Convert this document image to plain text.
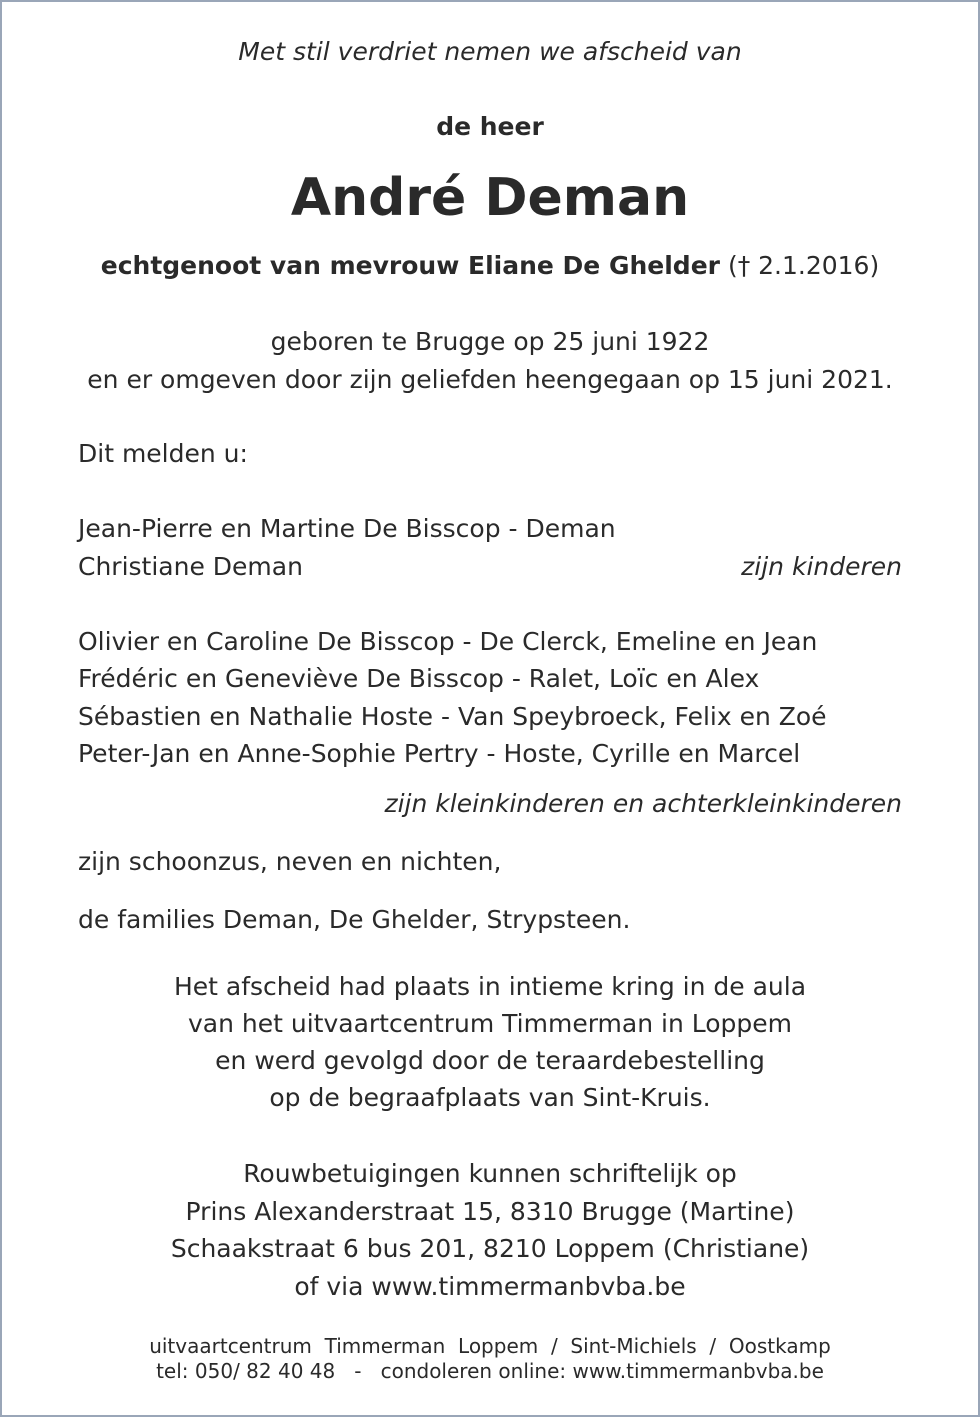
Met stil verdriet nemen we afscheid van
de heer
André Deman
echtgenoot van mevrouw Eliane De Ghelder († 2.1.2016)
geboren te Brugge op 25 juni 1922
en er omgeven door zijn geliefden heengegaan op 15 juni 2021.
Dit melden u:
Jean-Pierre en Martine De Bisscop - Deman
Christiane Deman	zijn kinderen
Olivier en Caroline De Bisscop - De Clerck, Emeline en Jean
Frédéric en Geneviève De Bisscop - Ralet, Loïc en Alex
Sébastien en Nathalie Hoste - Van Speybroeck, Felix en Zoé
Peter-Jan en Anne-Sophie Pertry - Hoste, Cyrille en Marcel
zijn kleinkinderen en achterkleinkinderen
zijn schoonzus, neven en nichten,
de families Deman, De Ghelder, Strypsteen.
Het afscheid had plaats in intieme kring in de aula
van het uitvaartcentrum Timmerman in Loppem
en werd gevolgd door de teraardebestelling
op de begraafplaats van Sint-Kruis.
Rouwbetuigingen kunnen schriftelijk op
Prins Alexanderstraat 15, 8310 Brugge (Martine)
Schaakstraat 6 bus 201, 8210 Loppem (Christiane)
of via www.timmermanbvba.be
uitvaartcentrum  Timmerman  Loppem  /  Sint-Michiels  /  Oostkamp
tel: 050/ 82 40 48   -   condoleren online: www.timmermanbvba.be
